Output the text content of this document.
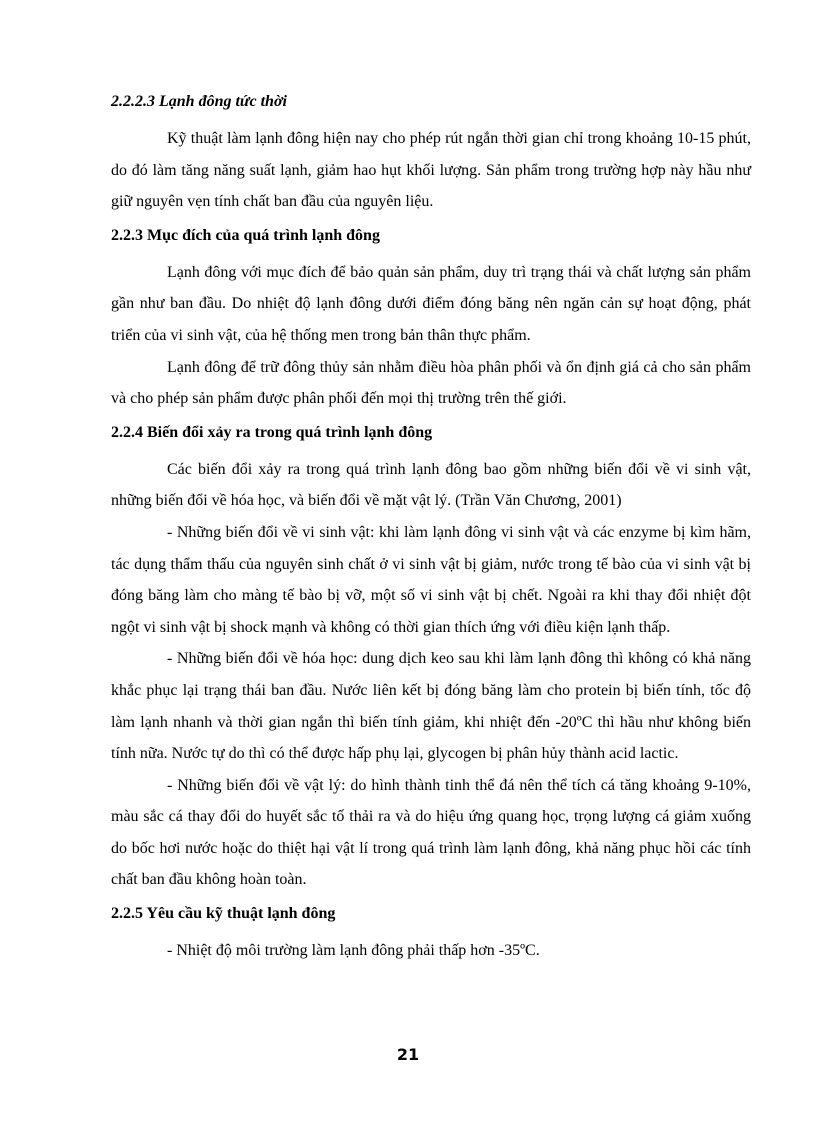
2.2.2.3 Lạnh đông tức thời

Kỹ thuật làm lạnh đông hiện nay cho phép rút ngắn thời gian chỉ trong khoảng 10-15 phút, do đó làm tăng năng suất lạnh, giảm hao hụt khối lượng. Sản phẩm trong trường hợp này hầu như giữ nguyên vẹn tính chất ban đầu của nguyên liệu.

2.2.3 Mục đích của quá trình lạnh đông

Lạnh đông với mục đích để bảo quản sản phẩm, duy trì trạng thái và chất lượng sản phẩm gần như ban đầu. Do nhiệt độ lạnh đông dưới điểm đóng băng nên ngăn cản sự hoạt động, phát triển của vi sinh vật, của hệ thống men trong bản thân thực phẩm.

Lạnh đông để trữ đông thủy sản nhằm điều hòa phân phối và ổn định giá cả cho sản phẩm và cho phép sản phẩm được phân phối đến mọi thị trường trên thế giới.

2.2.4 Biến đổi xảy ra trong quá trình lạnh đông

Các biến đổi xảy ra trong quá trình lạnh đông bao gồm những biến đổi về vi sinh vật, những biến đổi về hóa học, và biến đổi về mặt vật lý. (Trần Văn Chương, 2001)

- Những biến đổi về vi sinh vật: khi làm lạnh đông vi sinh vật và các enzyme bị kìm hãm, tác dụng thẩm thấu của nguyên sinh chất ở vi sinh vật bị giảm, nước trong tế bào của vi sinh vật bị đóng băng làm cho màng tế bào bị vỡ, một số vi sinh vật bị chết. Ngoài ra khi thay đổi nhiệt đột ngột vi sinh vật bị shock mạnh và không có thời gian thích ứng với điều kiện lạnh thấp.

- Những biến đổi về hóa học: dung dịch keo sau khi làm lạnh đông thì không có khả năng khắc phục lại trạng thái ban đầu. Nước liên kết bị đóng băng làm cho protein bị biến tính, tốc độ làm lạnh nhanh và thời gian ngắn thì biến tính giảm, khi nhiệt đến -20ºC thì hầu như không biến tính nữa. Nước tự do thì có thể được hấp phụ lại, glycogen bị phân hủy thành acid lactic.

- Những biến đổi về vật lý: do hình thành tinh thể đá nên thể tích cá tăng khoảng 9-10%, màu sắc cá thay đổi do huyết sắc tố thải ra và do hiệu ứng quang học, trọng lượng cá giảm xuống do bốc hơi nước hoặc do thiệt hại vật lí trong quá trình làm lạnh đông, khả năng phục hồi các tính chất ban đầu không hoàn toàn.

2.2.5 Yêu cầu kỹ thuật lạnh đông

- Nhiệt độ môi trường làm lạnh đông phải thấp hơn -35ºC.

21
